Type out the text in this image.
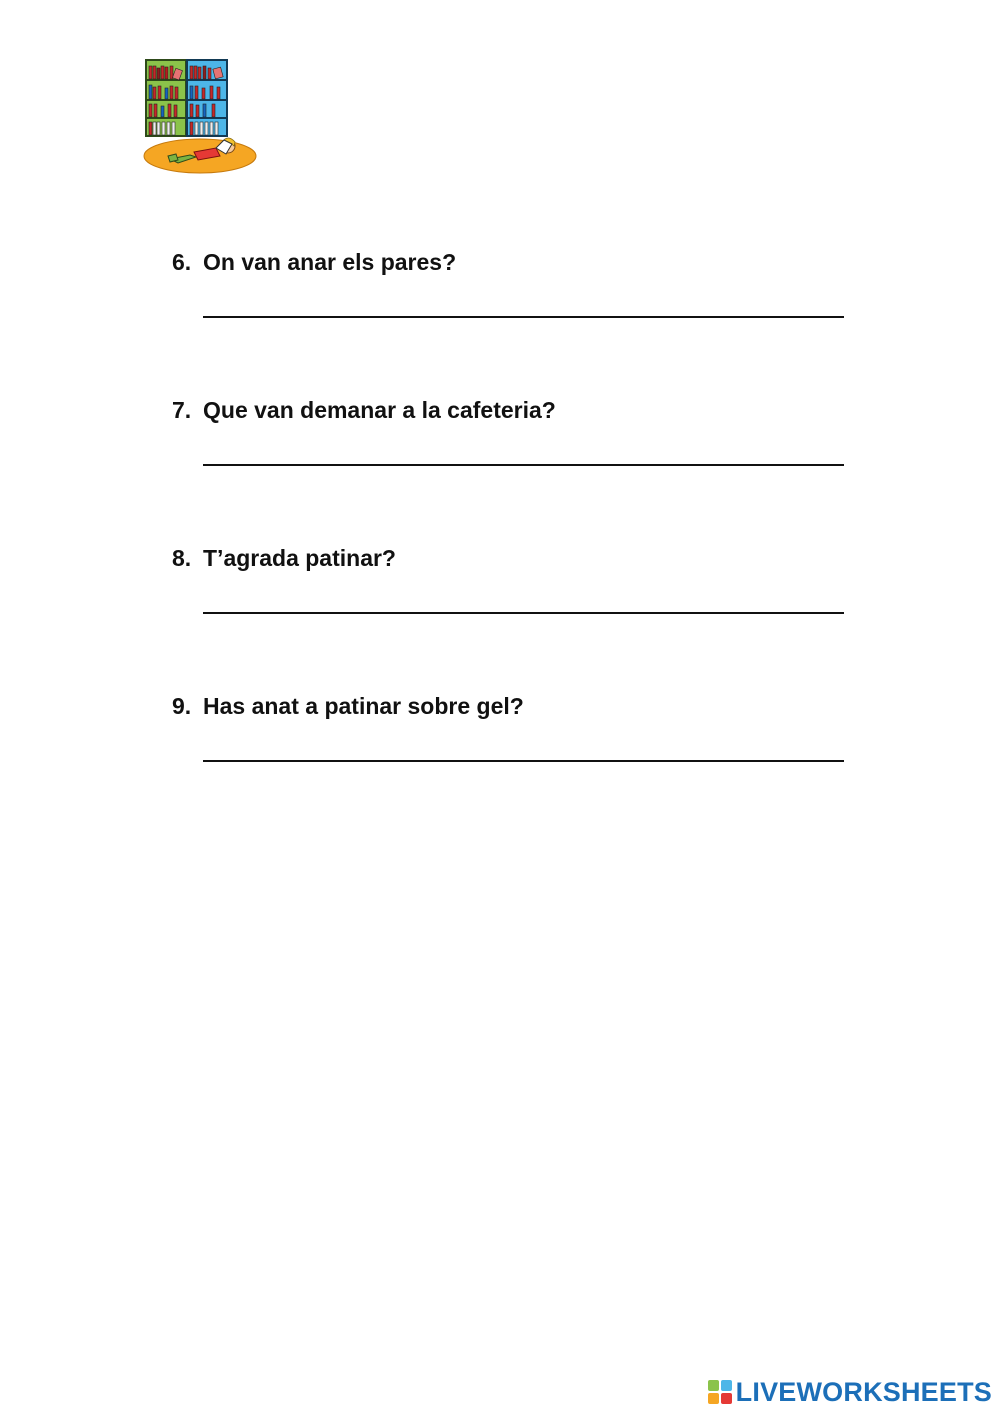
6. On van anar els pares?
7. Que van demanar a la cafeteria?
8. T’agrada patinar?
9. Has anat a patinar sobre gel?
LIVEWORKSHEETS
